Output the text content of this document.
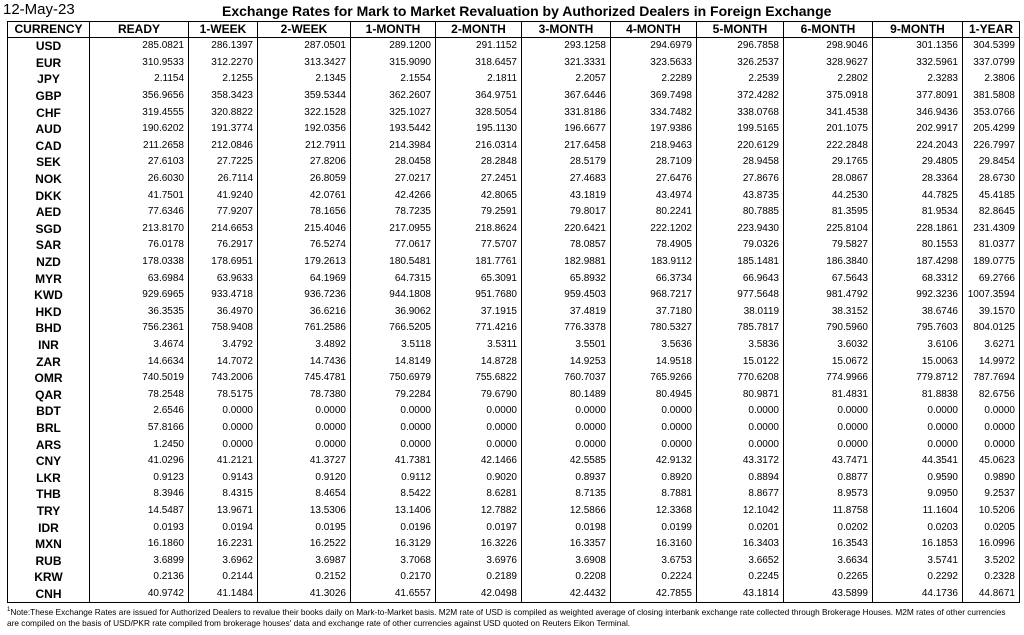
12-May-23	Exchange Rates for Mark to Market Revaluation by Authorized Dealers in Foreign Exchange
CURRENCY	READY	1-WEEK	2-WEEK	1-MONTH	2-MONTH	3-MONTH	4-MONTH	5-MONTH	6-MONTH	9-MONTH	1-YEAR
USD	285.0821	286.1397	287.0501	289.1200	291.1152	293.1258	294.6979	296.7858	298.9046	301.1356	304.5399
EUR	310.9533	312.2270	313.3427	315.9090	318.6457	321.3331	323.5633	326.2537	328.9627	332.5961	337.0799
JPY	2.1154	2.1255	2.1345	2.1554	2.1811	2.2057	2.2289	2.2539	2.2802	2.3283	2.3806
GBP	356.9656	358.3423	359.5344	362.2607	364.9751	367.6446	369.7498	372.4282	375.0918	377.8091	381.5808
CHF	319.4555	320.8822	322.1528	325.1027	328.5054	331.8186	334.7482	338.0768	341.4538	346.9436	353.0766
AUD	190.6202	191.3774	192.0356	193.5442	195.1130	196.6677	197.9386	199.5165	201.1075	202.9917	205.4299
CAD	211.2658	212.0846	212.7911	214.3984	216.0314	217.6458	218.9463	220.6129	222.2848	224.2043	226.7997
SEK	27.6103	27.7225	27.8206	28.0458	28.2848	28.5179	28.7109	28.9458	29.1765	29.4805	29.8454
NOK	26.6030	26.7114	26.8059	27.0217	27.2451	27.4683	27.6476	27.8676	28.0867	28.3364	28.6730
DKK	41.7501	41.9240	42.0761	42.4266	42.8065	43.1819	43.4974	43.8735	44.2530	44.7825	45.4185
AED	77.6346	77.9207	78.1656	78.7235	79.2591	79.8017	80.2241	80.7885	81.3595	81.9534	82.8645
SGD	213.8170	214.6653	215.4046	217.0955	218.8624	220.6421	222.1202	223.9430	225.8104	228.1861	231.4309
SAR	76.0178	76.2917	76.5274	77.0617	77.5707	78.0857	78.4905	79.0326	79.5827	80.1553	81.0377
NZD	178.0338	178.6951	179.2613	180.5481	181.7761	182.9881	183.9112	185.1481	186.3840	187.4298	189.0775
MYR	63.6984	63.9633	64.1969	64.7315	65.3091	65.8932	66.3734	66.9643	67.5643	68.3312	69.2766
KWD	929.6965	933.4718	936.7236	944.1808	951.7680	959.4503	968.7217	977.5648	981.4792	992.3236	1007.3594
HKD	36.3535	36.4970	36.6216	36.9062	37.1915	37.4819	37.7180	38.0119	38.3152	38.6746	39.1570
BHD	756.2361	758.9408	761.2586	766.5205	771.4216	776.3378	780.5327	785.7817	790.5960	795.7603	804.0125
INR	3.4674	3.4792	3.4892	3.5118	3.5311	3.5501	3.5636	3.5836	3.6032	3.6106	3.6271
ZAR	14.6634	14.7072	14.7436	14.8149	14.8728	14.9253	14.9518	15.0122	15.0672	15.0063	14.9972
OMR	740.5019	743.2006	745.4781	750.6979	755.6822	760.7037	765.9266	770.6208	774.9966	779.8712	787.7694
QAR	78.2548	78.5175	78.7380	79.2284	79.6790	80.1489	80.4945	80.9871	81.4831	81.8838	82.6756
BDT	2.6546	0.0000	0.0000	0.0000	0.0000	0.0000	0.0000	0.0000	0.0000	0.0000	0.0000
BRL	57.8166	0.0000	0.0000	0.0000	0.0000	0.0000	0.0000	0.0000	0.0000	0.0000	0.0000
ARS	1.2450	0.0000	0.0000	0.0000	0.0000	0.0000	0.0000	0.0000	0.0000	0.0000	0.0000
CNY	41.0296	41.2121	41.3727	41.7381	42.1466	42.5585	42.9132	43.3172	43.7471	44.3541	45.0623
LKR	0.9123	0.9143	0.9120	0.9112	0.9020	0.8937	0.8920	0.8894	0.8877	0.9590	0.9890
THB	8.3946	8.4315	8.4654	8.5422	8.6281	8.7135	8.7881	8.8677	8.9573	9.0950	9.2537
TRY	14.5487	13.9671	13.5306	13.1406	12.7882	12.5866	12.3368	12.1042	11.8758	11.1604	10.5206
IDR	0.0193	0.0194	0.0195	0.0196	0.0197	0.0198	0.0199	0.0201	0.0202	0.0203	0.0205
MXN	16.1860	16.2231	16.2522	16.3129	16.3226	16.3357	16.3160	16.3403	16.3543	16.1853	16.0996
RUB	3.6899	3.6962	3.6987	3.7068	3.6976	3.6908	3.6753	3.6652	3.6634	3.5741	3.5202
KRW	0.2136	0.2144	0.2152	0.2170	0.2189	0.2208	0.2224	0.2245	0.2265	0.2292	0.2328
CNH	40.9742	41.1484	41.3026	41.6557	42.0498	42.4432	42.7855	43.1814	43.5899	44.1736	44.8671
$^1$Note:These Exchange Rates are issued for Authorized Dealers to revalue their books daily on Mark-to-Market basis. M2M rate of USD is compiled as weighted average of closing interbank exchange rate collected through Brokerage Houses. M2M rates of other currencies are compiled on the basis of USD/PKR rate compiled from brokerage houses' data and exchange rate of other currencies against USD quoted on Reuters Eikon Terminal.
